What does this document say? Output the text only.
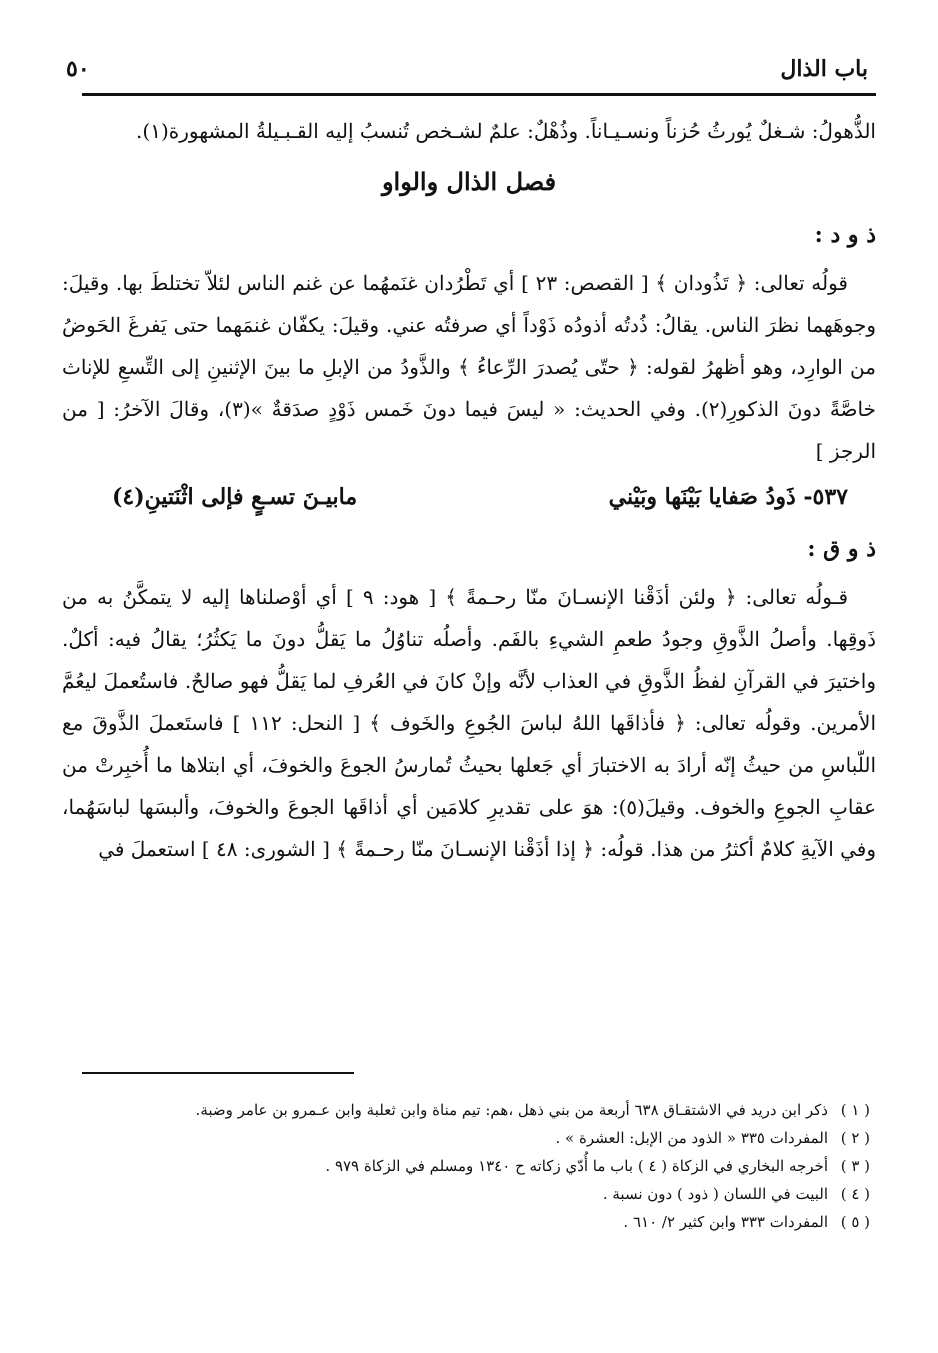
باب الذال
٥٠

الذُّهولُ: شـغلٌ يُورثُ حُزناً ونسـيـاناً. وذُهْلٌ: علمٌ لشـخص تُنسبُ إليه القـبـيلةُ المشهورة(١).

فصل الذال والواو
ذ و د :

قولُه تعالى: ﴿ تَذُودان ﴾ [ القصص: ٢٣ ] أي تَطْرُدان غنَمهُما عن غنم الناس لئلاّ تختلطَ بها. وقيلَ: وجوهَهما نظرَ الناس. يقالُ: ذُدتُه أذودُه ذَوْداً أي صرفتُه عني. وقيلَ: يكفّان غنمَهما حتى يَفرغَ الحَوضُ من الوارِد، وهو أظهرُ لقوله: ﴿ حتّى يُصدرَ الرِّعاءُ ﴾ والذَّودُ من الإبلِ ما بينَ الإثنينِ إلى التِّسعِ للإناث خاصَّةً دونَ الذكورِ(٢). وفي الحديث: « ليسَ فيما دونَ خَمس ذَوْدٍ صدَقةٌ »(٣)، وقالَ الآخرُ: [ من الرجز ]

٥٣٧- ذَودُ صَفايا بَيْنَها وبَيْني
مابيـنَ تسـعٍ فإلى اثْنَتينِ(٤)
ذ و ق :

قـولُه تعالى: ﴿ ولئن أذَقْنا الإنسـانَ منّا رحـمةً ﴾ [ هود: ٩ ] أي أوْصلناها إليه لا يتمكَّنُ به من ذَوقِها. وأصلُ الذَّوقِ وجودُ طعمِ الشيءِ بالفَم. وأصلُه تناوُلُ ما يَقلُّ دونَ ما يَكثُرُ؛ يقالُ فيه: أكلٌ. واختيرَ في القرآنِ لفظُ الذَّوقِ في العذاب لأنَّه وإنْ كانَ في العُرفِ لما يَقلُّ فهو صالحٌ. فاستُعملَ ليعُمَّ الأمرين. وقولُه تعالى: ﴿ فأذاقَها اللهُ لباسَ الجُوعِ والخَوف ﴾ [ النحل: ١١٢ ] فاستَعملَ الذَّوقَ مع اللّباسِ من حيثُ إنّه أرادَ به الاختبارَ أي جَعلها بحيثُ تُمارسُ الجوعَ والخوفَ، أي ابتلاها ما أُخبِرتْ من عقابِ الجوعِ والخوف. وقيلَ(٥): هوَ على تقديرِ كلامَين أي أذاقَها الجوعَ والخوفَ، وألبسَها لباسَهُما، وفي الآيةِ كلامٌ أكثرُ من هذا. قولُه: ﴿ إذا أذَقْنا الإنسـانَ منّا رحـمةً ﴾ [ الشورى: ٤٨ ] استعملَ في

( ١ )ذكر ابن دريد في الاشتقـاق ٦٣٨ أربعة من بني ذهل ،هم: تيم مناة وابن ثعلبة وابن عـمرو بن عامر وضبة.

( ٢ )المفردات ٣٣٥ « الذود من الإبل: العشرة » .

( ٣ )أخرجه البخاري في الزكاة ( ٤ ) باب ما أُدّي زكاته ح ١٣٤٠ ومسلم في الزكاة ٩٧٩ .

( ٤ )البيت في اللسان ( ذود ) دون نسبة .

( ٥ )المفردات ٣٣٣ وابن كثير ٢/ ٦١٠ .
